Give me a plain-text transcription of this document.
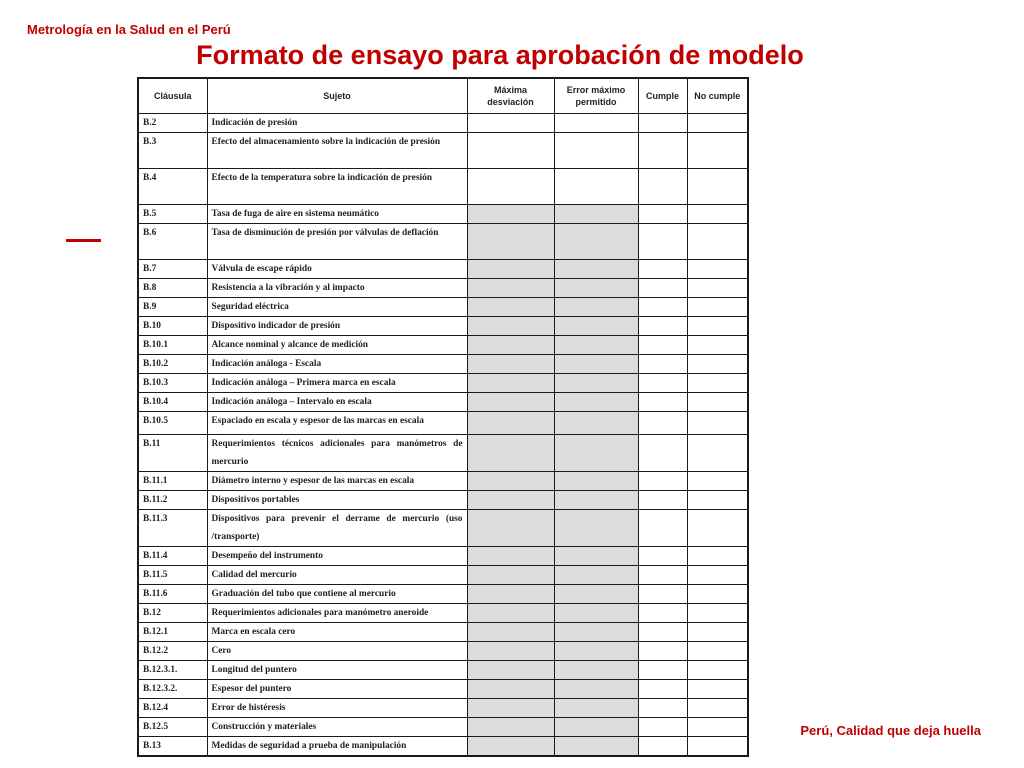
Metrología en la Salud en el Perú
Formato de ensayo para aprobación de modelo
Cláusula	Sujeto	Máxima desviación	Error máximo permitido	Cumple	No cumple
B.2	Indicación de presión				
B.3	Efecto del almacenamiento sobre la indicación de presión				
B.4	Efecto de la temperatura sobre la indicación de presión				
B.5	Tasa de fuga de aire en sistema neumático				
B.6	Tasa de disminución de presión por válvulas de deflación				
B.7	Válvula de escape rápido				
B.8	Resistencia a la vibración y al impacto				
B.9	Seguridad eléctrica				
B.10	Dispositivo indicador de presión				
B.10.1	Alcance nominal y alcance de medición				
B.10.2	Indicación análoga - Escala				
B.10.3	Indicación análoga – Primera marca en escala				
B.10.4	Indicación análoga – Intervalo en escala				
B.10.5	Espaciado en escala y espesor de las marcas en escala				
B.11	Requerimientos técnicos adicionales para manómetros de mercurio				
B.11.1	Diámetro interno y espesor de las marcas en escala				
B.11.2	Dispositivos portables				
B.11.3	Dispositivos para prevenir el derrame de mercurio (uso /transporte)				
B.11.4	Desempeño del instrumento				
B.11.5	Calidad del mercurio				
B.11.6	Graduación del tubo que contiene al mercurio				
B.12	Requerimientos adicionales para manómetro aneroide				
B.12.1	Marca en escala cero				
B.12.2	Cero				
B.12.3.1.	Longitud del puntero				
B.12.3.2.	Espesor del puntero				
B.12.4	Error de histéresis				
B.12.5	Construcción y materiales				
B.13	Medidas de seguridad a prueba de manipulación				
Perú, Calidad que deja huella
